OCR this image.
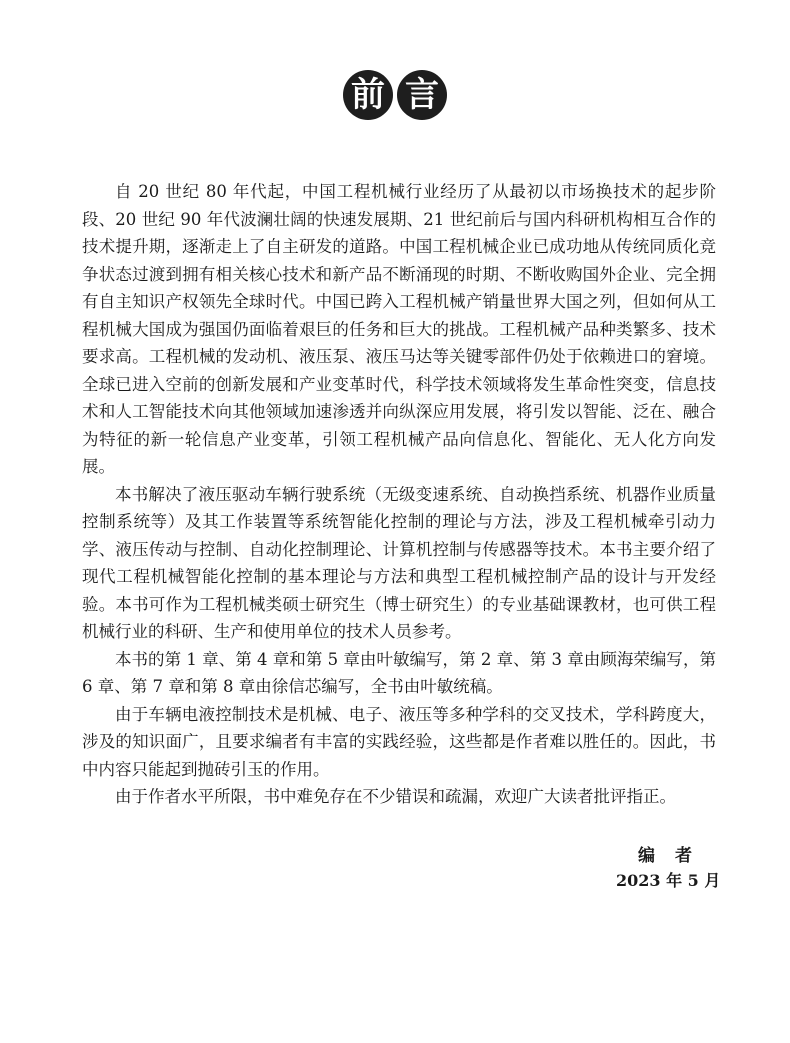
前 言

自 20 世纪 80 年代起，中国工程机械行业经历了从最初以市场换技术的起步阶段、20 世纪 90 年代波澜壮阔的快速发展期、21 世纪前后与国内科研机构相互合作的技术提升期，逐渐走上了自主研发的道路。中国工程机械企业已成功地从传统同质化竞争状态过渡到拥有相关核心技术和新产品不断涌现的时期、不断收购国外企业、完全拥有自主知识产权领先全球时代。中国已跨入工程机械产销量世界大国之列，但如何从工程机械大国成为强国仍面临着艰巨的任务和巨大的挑战。工程机械产品种类繁多、技术要求高。工程机械的发动机、液压泵、液压马达等关键零部件仍处于依赖进口的窘境。全球已进入空前的创新发展和产业变革时代，科学技术领域将发生革命性突变，信息技术和人工智能技术向其他领域加速渗透并向纵深应用发展，将引发以智能、泛在、融合为特征的新一轮信息产业变革，引领工程机械产品向信息化、智能化、无人化方向发展。

本书解决了液压驱动车辆行驶系统（无级变速系统、自动换挡系统、机器作业质量控制系统等）及其工作装置等系统智能化控制的理论与方法，涉及工程机械牵引动力学、液压传动与控制、自动化控制理论、计算机控制与传感器等技术。本书主要介绍了现代工程机械智能化控制的基本理论与方法和典型工程机械控制产品的设计与开发经验。本书可作为工程机械类硕士研究生（博士研究生）的专业基础课教材，也可供工程机械行业的科研、生产和使用单位的技术人员参考。

本书的第 1 章、第 4 章和第 5 章由叶敏编写，第 2 章、第 3 章由顾海荣编写，第 6 章、第 7 章和第 8 章由徐信芯编写，全书由叶敏统稿。

由于车辆电液控制技术是机械、电子、液压等多种学科的交叉技术，学科跨度大，涉及的知识面广，且要求编者有丰富的实践经验，这些都是作者难以胜任的。因此，书中内容只能起到抛砖引玉的作用。

由于作者水平所限，书中难免存在不少错误和疏漏，欢迎广大读者批评指正。

编者
2023 年 5 月
